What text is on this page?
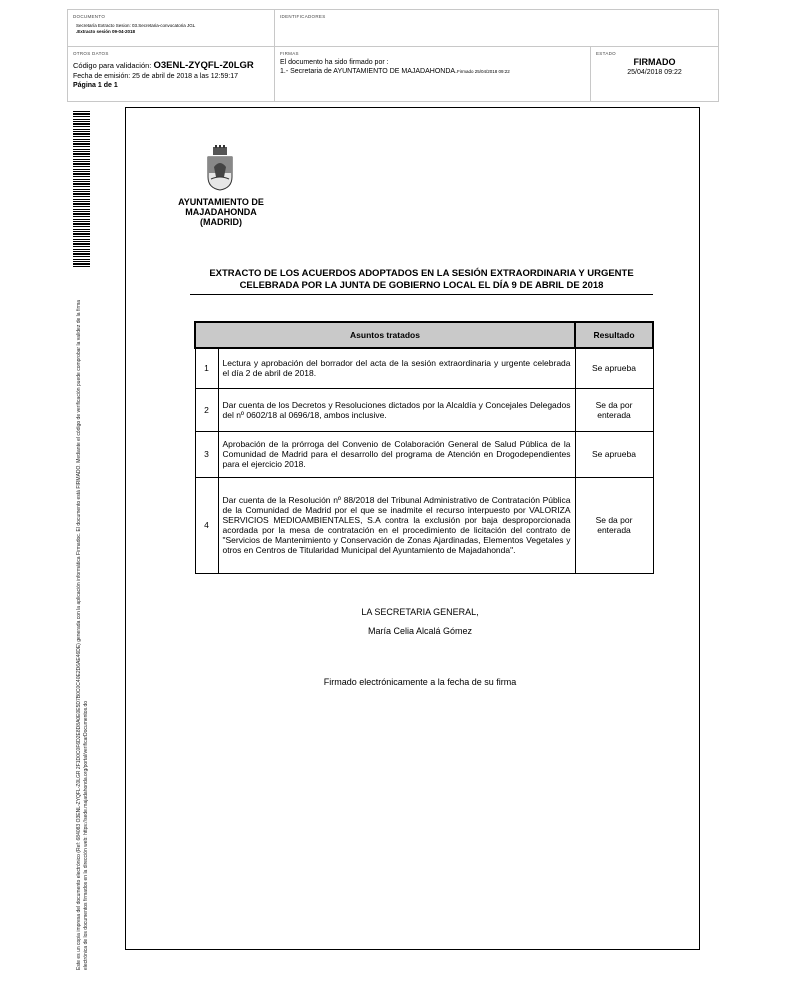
DOCUMENTO
Secretaría Extracto Sesion: 03.Secretaria-convocatoria JGL
.Extracto sesión 09-04-2018
IDENTIFICADORES
OTROS DATOS
Código para validación: O3ENL-ZYQFL-Z0LGR
Fecha de emisión: 25 de abril de 2018 a las 12:59:17
Página 1 de 1
FIRMAS
El documento ha sido firmado por :
1.- Secretaria de AYUNTAMIENTO DE MAJADAHONDA.Firmado 25/04/2018 09:22
ESTADO
FIRMADO
25/04/2018 09:22
Este es un copia impresa del documento electrónico (Ref: 684083 O3ENL-ZYQFL-Z0LGR 2F1D0C0F6D2E8D8A0E0E5D7B0C0C40E2D6AE46DE) generada con la aplicación informática Firmadoc. El documento está FIRMADO. Mediante el código de verificación puede comprobar la validez de la firma electrónica de los documentos firmados en la dirección web: https://sede.majadahonda.org/portal/verificarDocumentos.do
AYUNTAMIENTO DE
MAJADAHONDA
(MADRID)
EXTRACTO DE LOS ACUERDOS ADOPTADOS EN LA SESIÓN EXTRAORDINARIA Y URGENTE
CELEBRADA POR LA JUNTA DE GOBIERNO LOCAL EL DÍA 9 DE ABRIL DE 2018
Asuntos tratados		Resultado
1	Lectura y aprobación del borrador del acta de la sesión extraordinaria y urgente celebrada el día 2 de abril de 2018.	Se aprueba
2	Dar cuenta de los Decretos y Resoluciones dictados por la Alcaldía y Concejales Delegados del nº 0602/18 al 0696/18, ambos inclusive.	Se da por enterada
3	Aprobación de la prórroga del Convenio de Colaboración General de Salud Pública de la Comunidad de Madrid para el desarrollo del programa de Atención en Drogodependientes para el ejercicio 2018.	Se aprueba
4	Dar cuenta de la Resolución nº 88/2018 del Tribunal Administrativo de Contratación Pública de la Comunidad de Madrid por el que se inadmite el recurso interpuesto por VALORIZA SERVICIOS MEDIOAMBIENTALES, S.A contra la exclusión por baja desproporcionada acordada por la mesa de contratación en el procedimiento de licitación del contrato de "Servicios de Mantenimiento y Conservación de Zonas Ajardinadas, Elementos Vegetales y otros en Centros de Titularidad Municipal del Ayuntamiento de Majadahonda".	Se da por enterada
LA SECRETARIA GENERAL,
María Celia Alcalá Gómez
Firmado electrónicamente a la fecha de su firma
